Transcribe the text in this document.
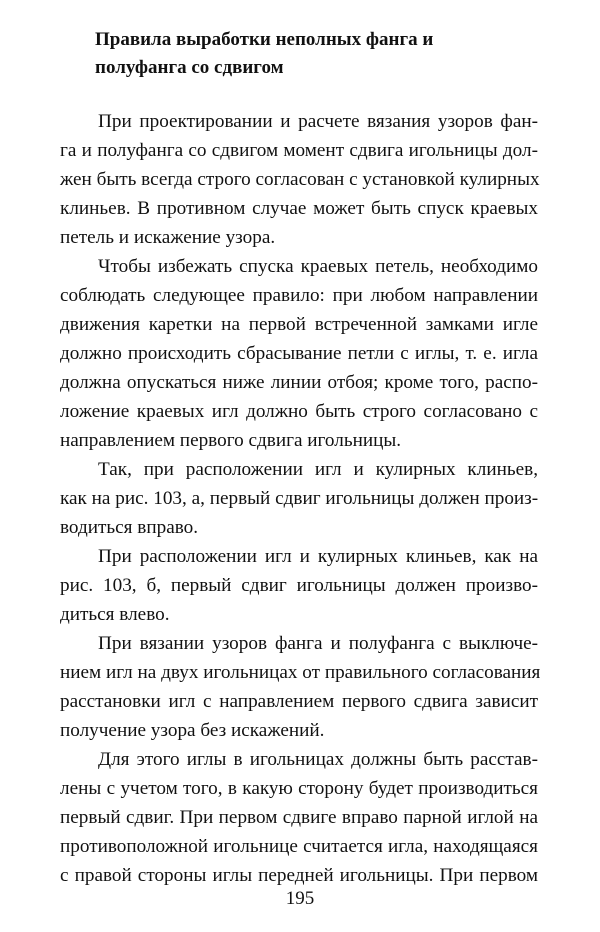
Правила выработки неполных фанга и
полуфанга со сдвигом
При проектировании и расчете вязания узоров фан-
га и полуфанга со сдвигом момент сдвига игольницы дол-
жен быть всегда строго согласован с установкой кулирных
клиньев. В противном случае может быть спуск краевых
петель и искажение узора.
Чтобы избежать спуска краевых петель, необходимо
соблюдать следующее правило: при любом направлении
движения каретки на первой встреченной замками игле
должно происходить сбрасывание петли с иглы, т. е. игла
должна опускаться ниже линии отбоя; кроме того, распо-
ложение краевых игл должно быть строго согласовано с
направлением первого сдвига игольницы.
Так, при расположении игл и кулирных клиньев,
как на рис. 103, а, первый сдвиг игольницы должен произ-
водиться вправо.
При расположении игл и кулирных клиньев, как на
рис. 103, б, первый сдвиг игольницы должен произво-
диться влево.
При вязании узоров фанга и полуфанга с выключе-
нием игл на двух игольницах от правильного согласования
расстановки игл с направлением первого сдвига зависит
получение узора без искажений.
Для этого иглы в игольницах должны быть расстав-
лены с учетом того, в какую сторону будет производиться
первый сдвиг. При первом сдвиге вправо парной иглой на
противоположной игольнице считается игла, находящаяся
с правой стороны иглы передней игольницы. При первом
195
